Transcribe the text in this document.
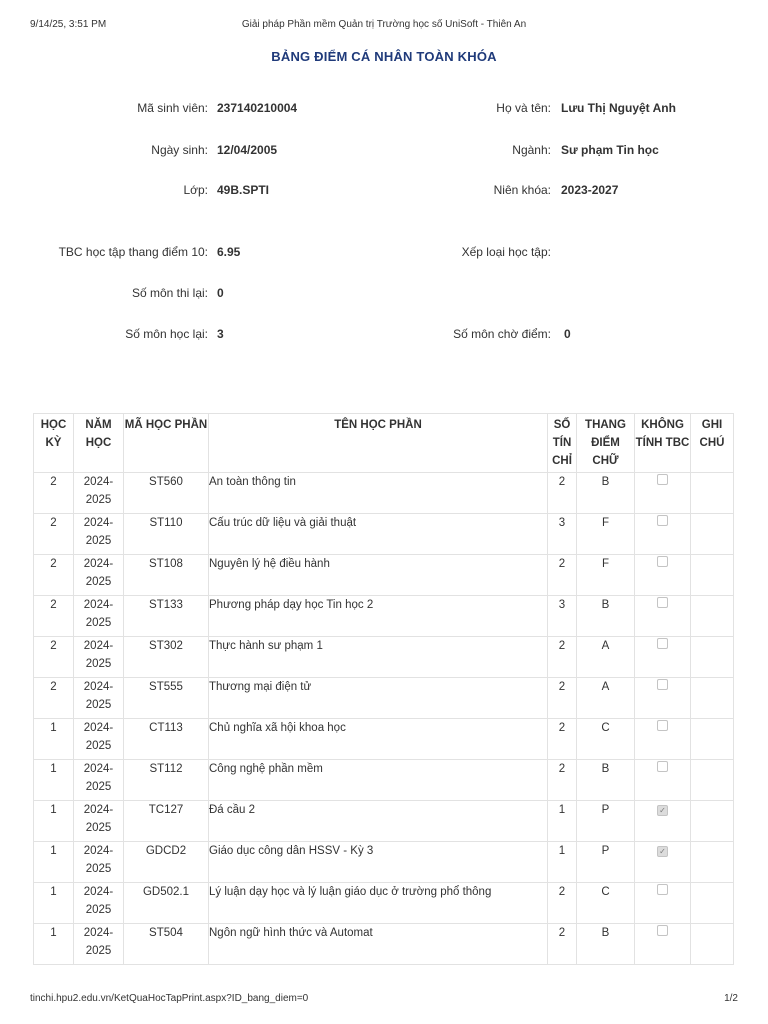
9/14/25, 3:51 PM	Giải pháp Phần mềm Quản trị Trường học số UniSoft - Thiên An
BẢNG ĐIỂM CÁ NHÂN TOÀN KHÓA
Mã sinh viên: 237140210004	Họ và tên: Lưu Thị Nguyệt Anh
Ngày sinh: 12/04/2005	Ngành: Sư phạm Tin học
Lớp: 49B.SPTI	Niên khóa: 2023-2027
TBC học tập thang điểm 10: 6.95	Xếp loại học tập:
Số môn thi lại: 0
Số môn học lại: 3	Số môn chờ điểm: 0
HỌC KỲ	NĂM HỌC	MÃ HỌC PHẦN	TÊN HỌC PHẦN	SỐ TÍN CHỈ	THANG ĐIỂM CHỮ	KHÔNG TÍNH TBC	GHI CHÚ
2	2024-2025	ST560	An toàn thông tin	2	B		
2	2024-2025	ST110	Cấu trúc dữ liệu và giải thuật	3	F		
2	2024-2025	ST108	Nguyên lý hệ điều hành	2	F		
2	2024-2025	ST133	Phương pháp dạy học Tin học 2	3	B		
2	2024-2025	ST302	Thực hành sư phạm 1	2	A		
2	2024-2025	ST555	Thương mại điện tử	2	A		
1	2024-2025	CT113	Chủ nghĩa xã hội khoa học	2	C		
1	2024-2025	ST112	Công nghệ phần mềm	2	B		
1	2024-2025	TC127	Đá cầu 2	1	P	✓	
1	2024-2025	GDCD2	Giáo dục công dân HSSV - Kỳ 3	1	P	✓	
1	2024-2025	GD502.1	Lý luận dạy học và lý luận giáo dục ở trường phổ thông	2	C		
1	2024-2025	ST504	Ngôn ngữ hình thức và Automat	2	B		
tinchi.hpu2.edu.vn/KetQuaHocTapPrint.aspx?ID_bang_diem=0	1/2
